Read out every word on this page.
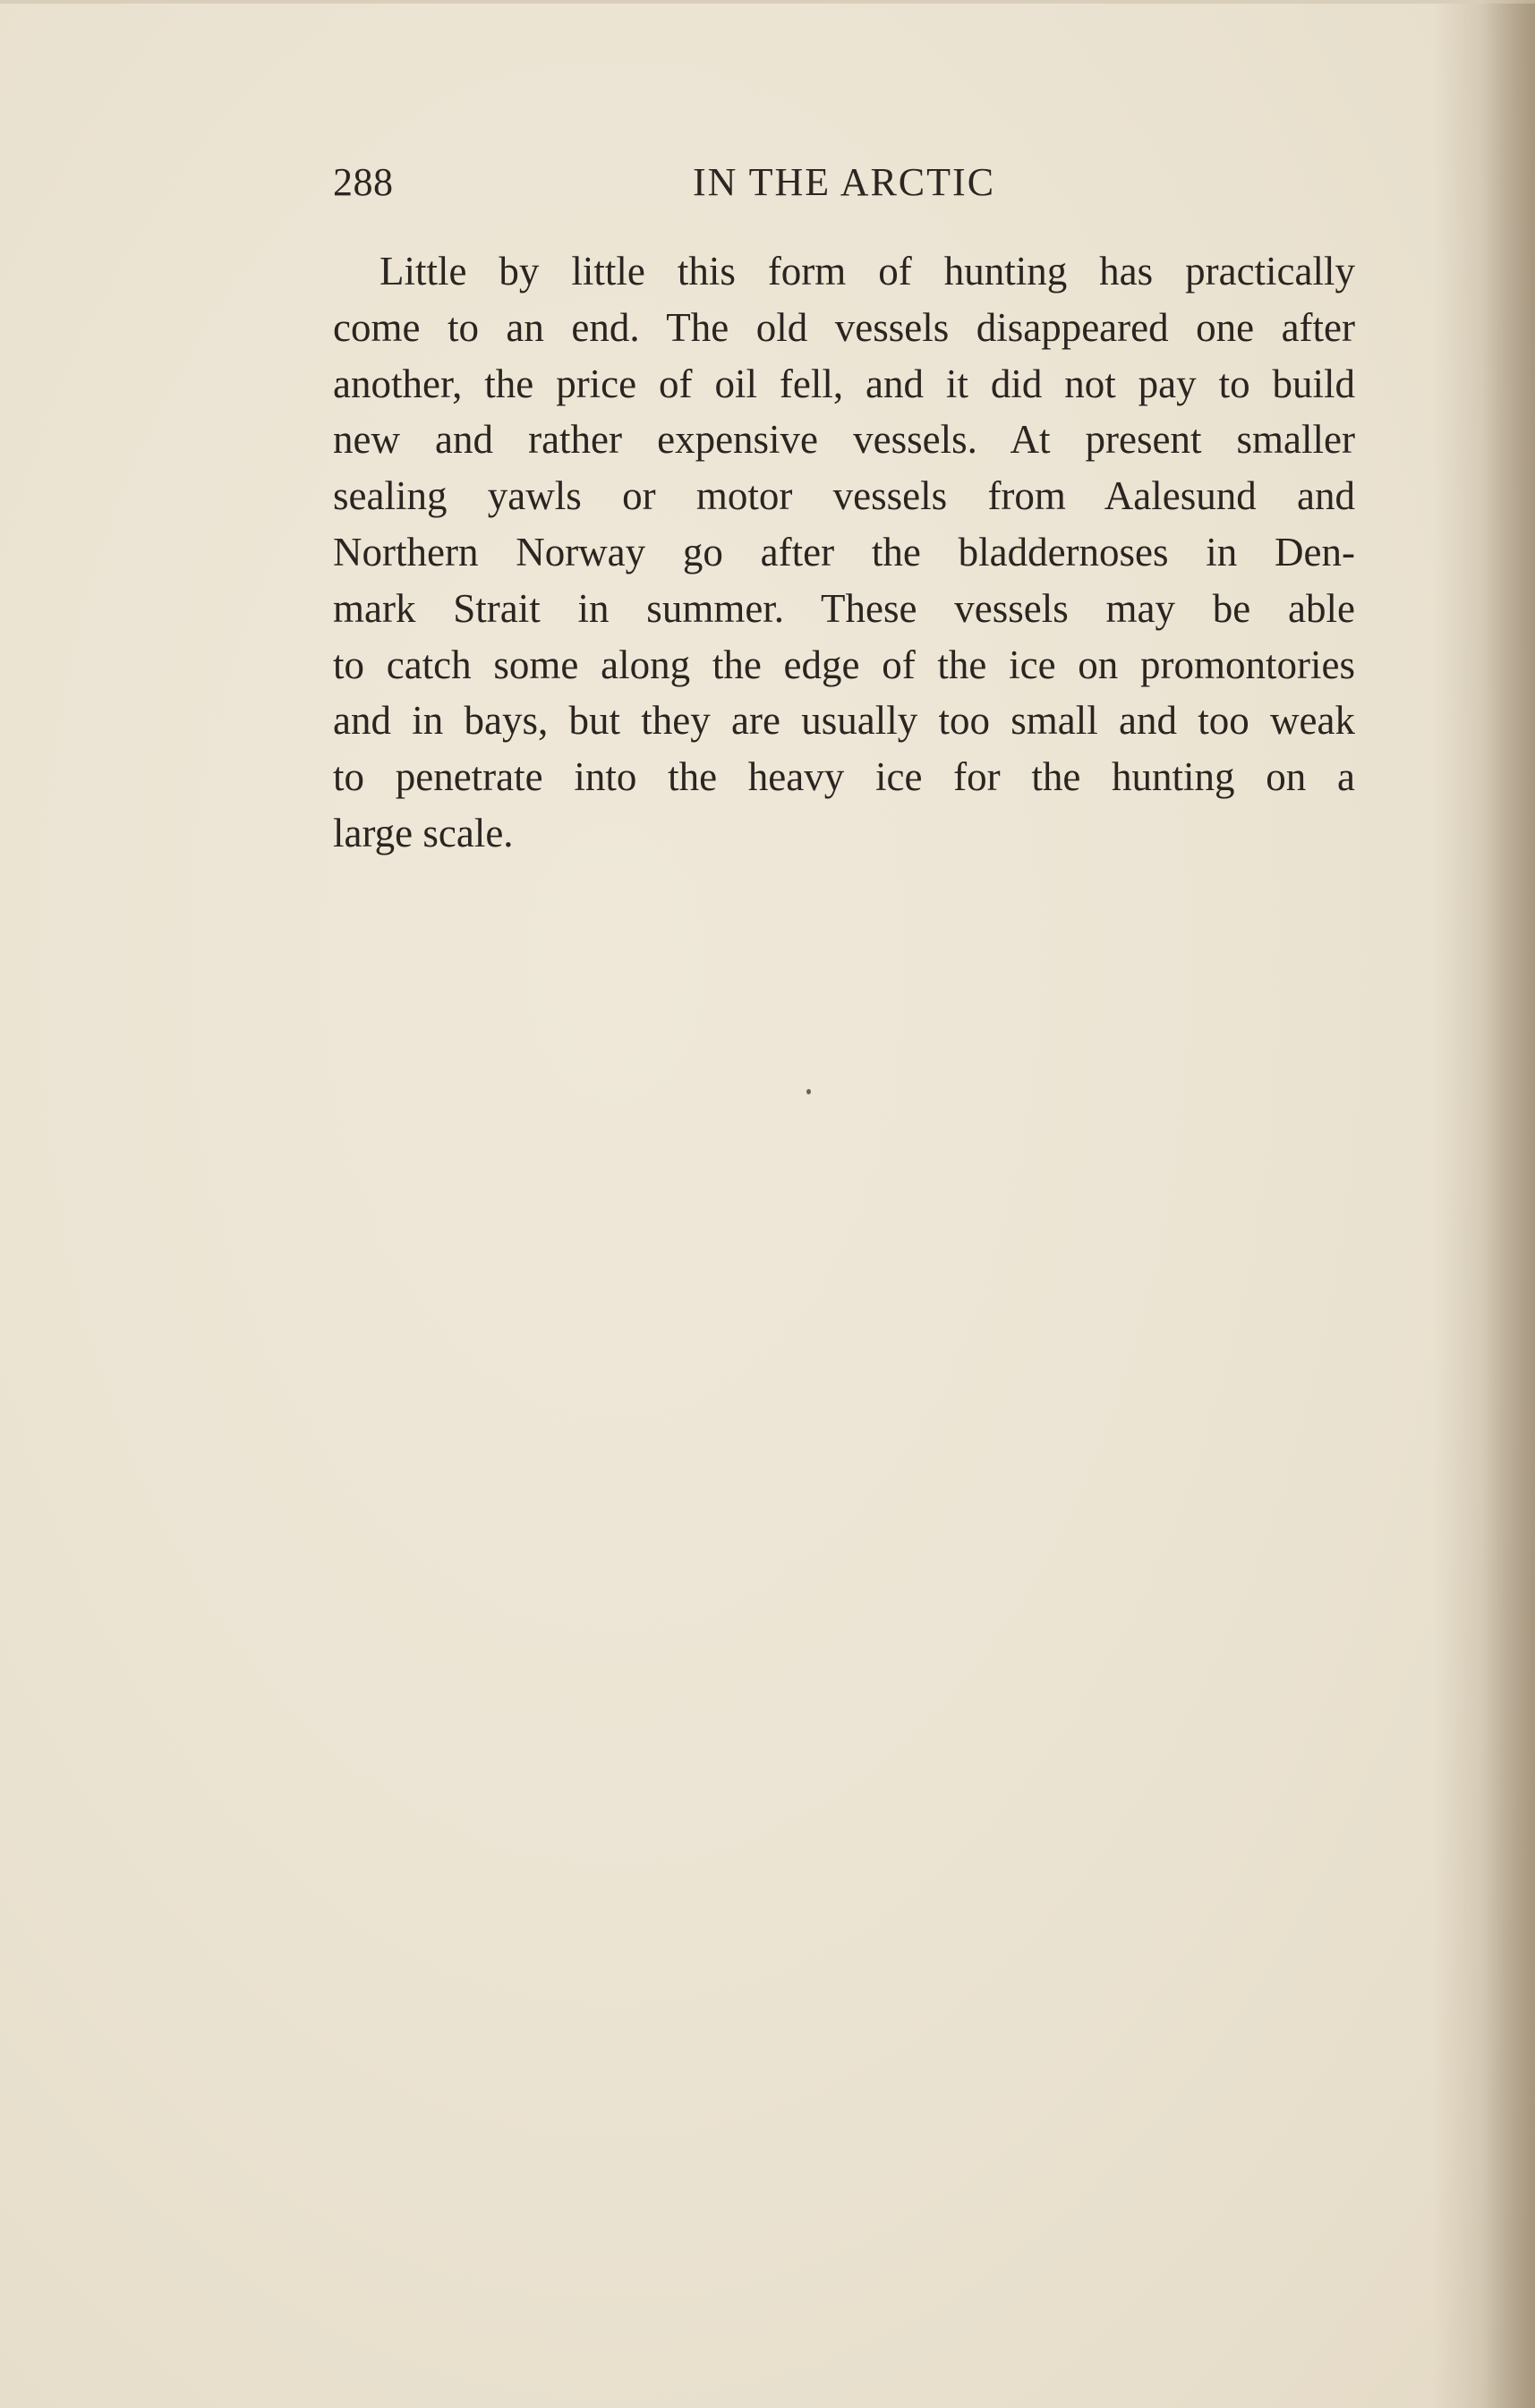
288	IN THE ARCTIC
Little by little this form of hunting has practically
come to an end. The old vessels disappeared one after
another, the price of oil fell, and it did not pay to build
new and rather expensive vessels. At present smaller
sealing yawls or motor vessels from Aalesund and
Northern Norway go after the bladdernoses in Den-
mark Strait in summer. These vessels may be able
to catch some along the edge of the ice on promontories
and in bays, but they are usually too small and too weak
to penetrate into the heavy ice for the hunting on a
large scale.
